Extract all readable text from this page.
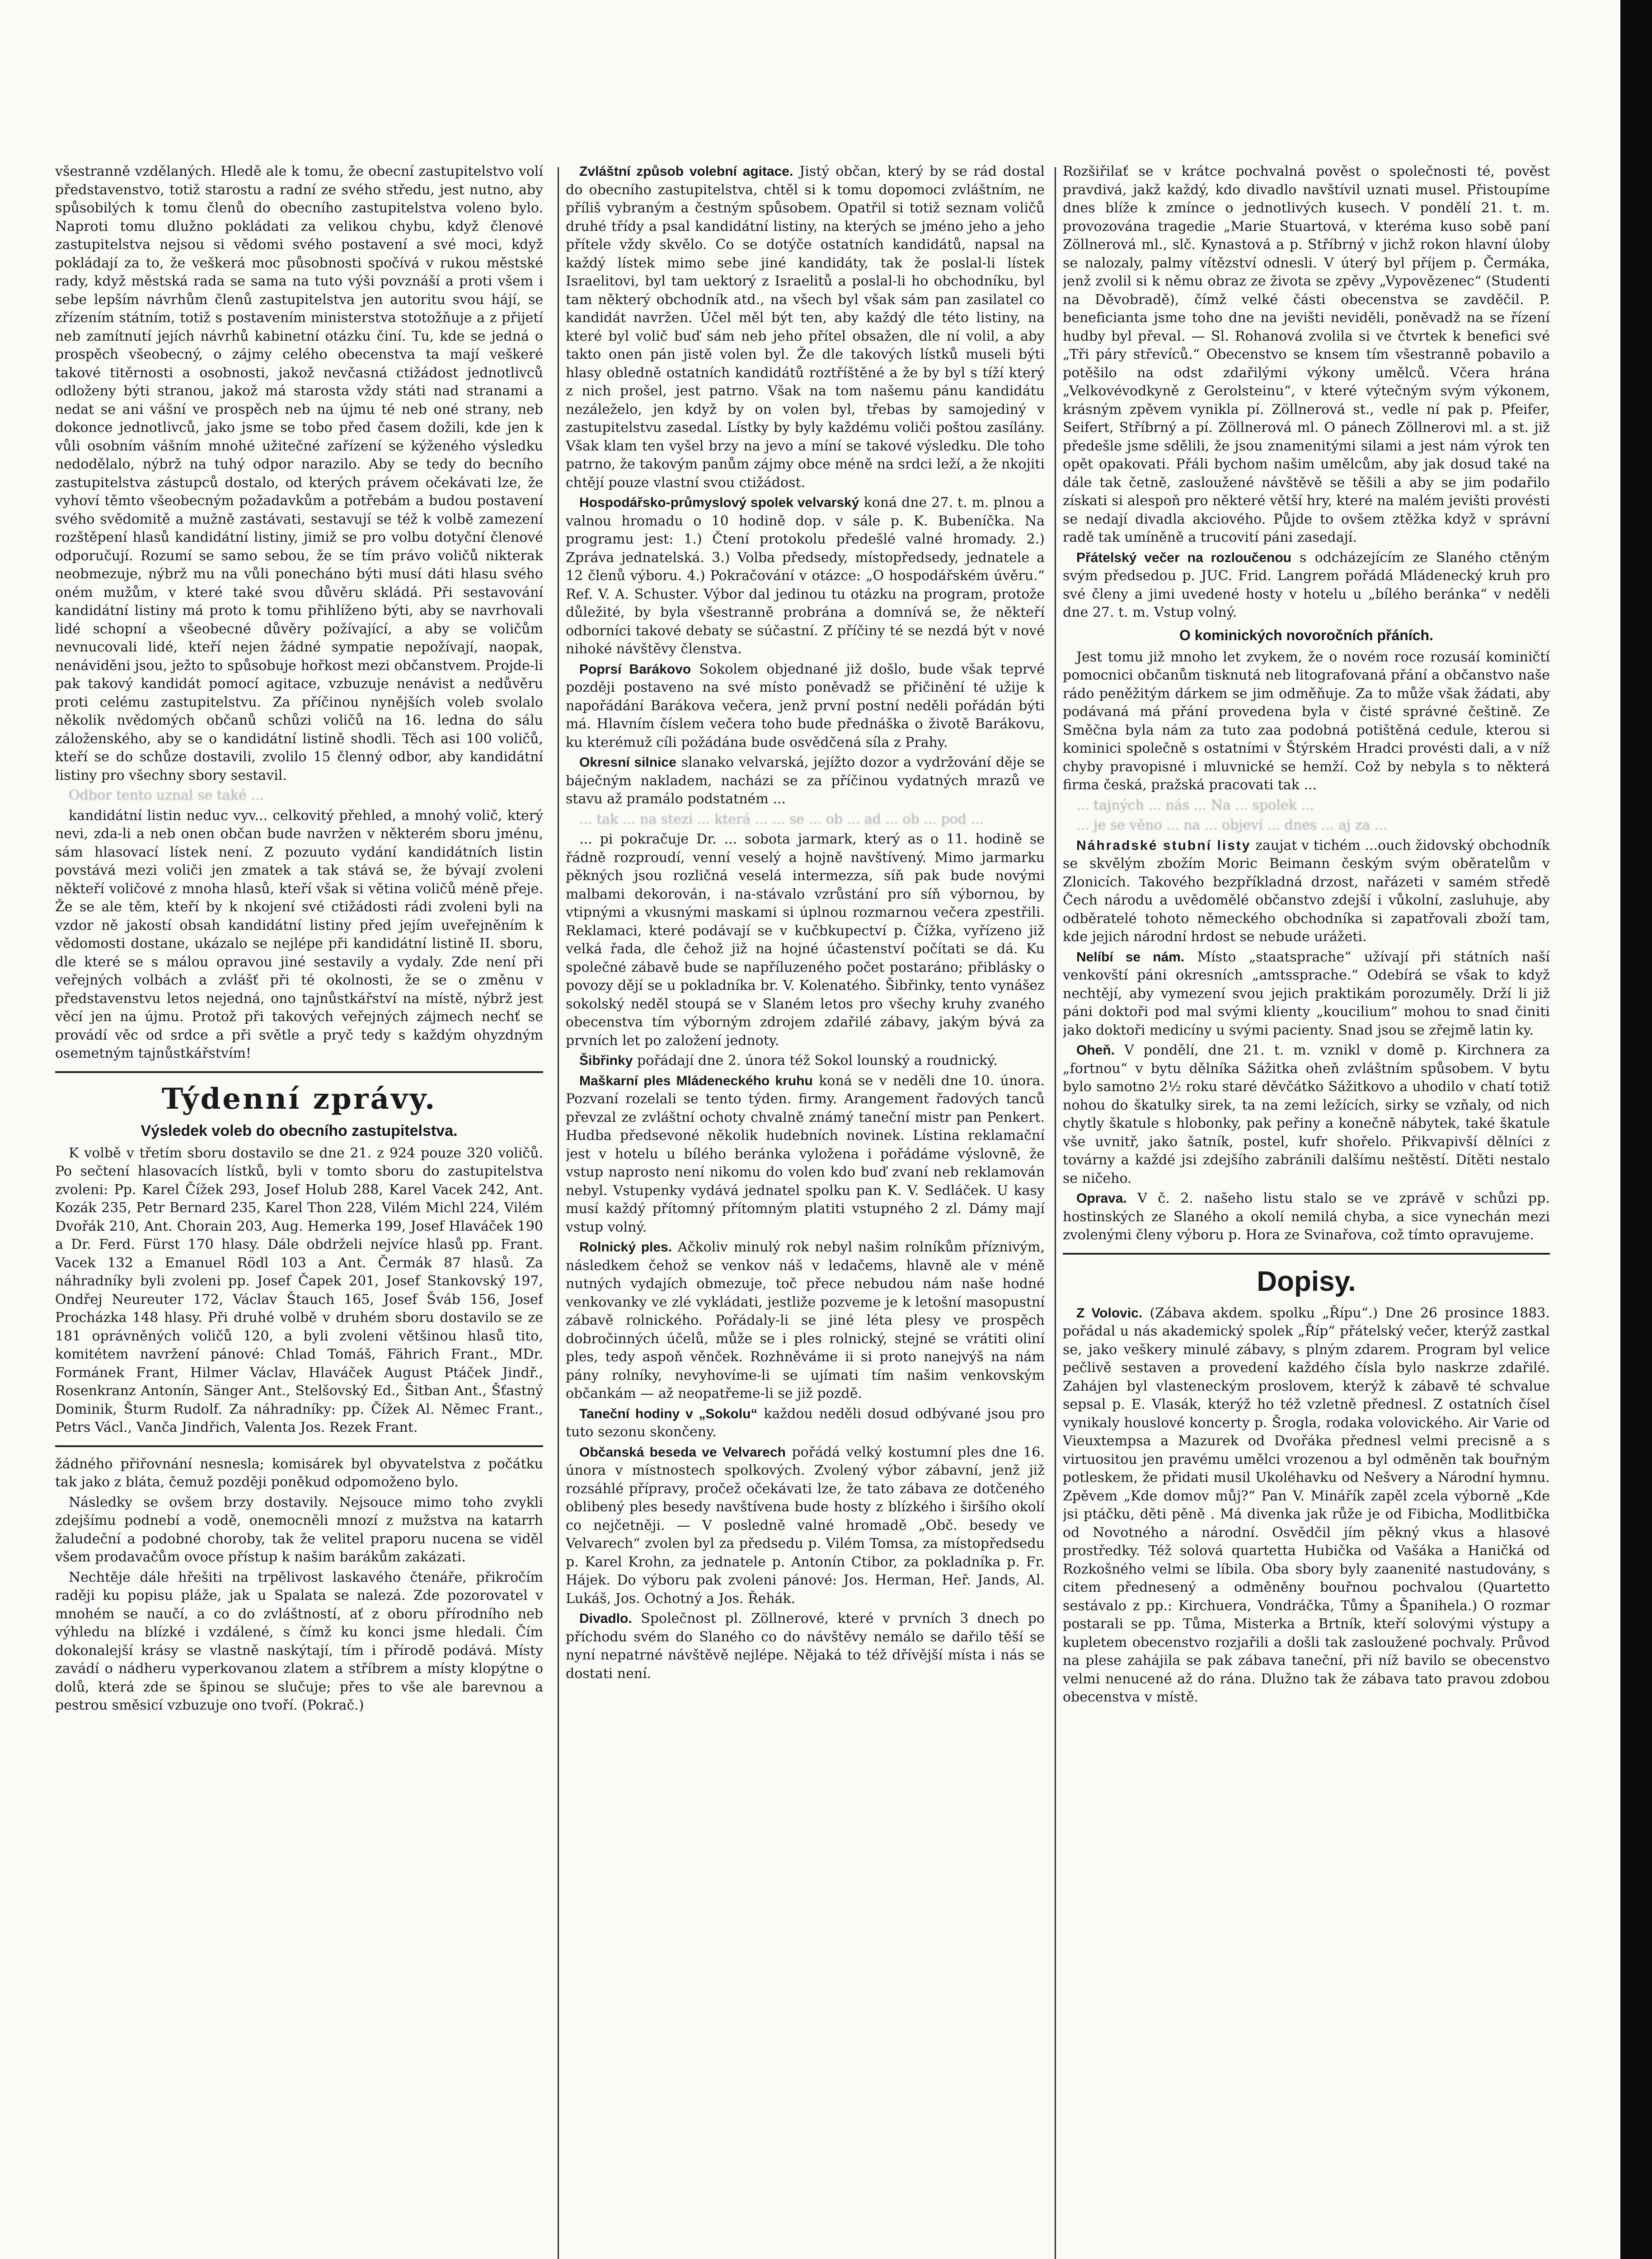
všestranně vzdělaných. Hledě ale k tomu, že obecní zastupitelstvo volí představenstvo, totiž starostu a radní ze svého středu, jest nutno, aby spůsobilých k tomu členů do obecního zastupitelstva voleno bylo. Naproti tomu dlužno pokládati za velikou chybu, když členové zastupitelstva nejsou si vědomi svého postavení a své moci, když pokládají za to, že veškerá moc působnosti spočívá v rukou městské rady, když městská rada se sama na tuto výši povznáší a proti všem i sebe lepším návrhům členů zastupitelstva jen autoritu svou hájí, se zřízením státním, totiž s postavením ministerstva stotožňuje a z přijetí neb zamítnutí jejích návrhů kabinetní otázku činí. Tu, kde se jedná o prospěch všeobecný, o zájmy celého obecenstva ta mají veškeré takové titěrnosti a osobnosti, jakož nevčasná ctižádost jednotlivců odloženy býti stranou, jakož má starosta vždy státi nad stranami a nedat se ani vášní ve prospěch neb na újmu té neb oné strany, neb dokonce jednotlivců, jako jsme se tobo před časem dožili, kde jen k vůli osobním vášním mnohé užitečné zařízení se kýženého výsledku nedodělalo, nýbrž na tuhý odpor narazilo. Aby se tedy do becního zastupitelstva zástupců dostalo, od kterých právem očekávati lze, že vyhoví těmto všeobecným požadavkům a potřebám a budou postavení svého svědomitě a mužně zastávati, sestavují se též k volbě zamezení rozštěpení hlasů kandidátní listiny, jimiž se pro volbu dotyční členové odporučují. Rozumí se samo sebou, že se tím právo voličů nikterak neobmezuje, nýbrž mu na vůli ponecháno býti musí dáti hlasu svého oném mužům, v které také svou důvěru skládá. Při sestavování kandidátní listiny má proto k tomu přihlíženo býti, aby se navrhovali lidé schopní a všeobecné důvěry požívající, a aby se voličům nevnucovali lidé, kteří nejen žádné sympatie nepožívají, naopak, nenáviděni jsou, ježto to spůsobuje hořkost mezi občanstvem. Projde-li pak takový kandidát pomocí agitace, vzbuzuje nenávist a nedůvěru proti celému zastupitelstvu. Za příčinou nynějších voleb svolalo několik nvědomých občanů schůzi voličů na 16. ledna do sálu záloženského, aby se o kandidátní listině shodli. Těch asi 100 voličů, kteří se do schůze dostavili, zvolilo 15 členný odbor, aby kandidátní listiny pro všechny sbory sestavil.

Odbor tento uznal se také ...

kandidátní listin neduc vyv... celkovitý přehled, a mnohý volič, který nevi, zda-li a neb onen občan bude navržen v některém sboru jménu, sám hlasovací lístek není. Z pozuuto vydání kandidátních listin povstává mezi voliči jen zmatek a tak stává se, že bývají zvoleni někteří voličové z mnoha hlasů, kteří však si větina voličů méně přeje. Že se ale těm, kteří by k nkojení své ctižádosti rádi zvoleni byli na vzdor ně jakostí obsah kandidátní listiny před jejím uveřejněním k vědomosti dostane, ukázalo se nejlépe při kandidátní listině II. sboru, dle které se s málou opravou jiné sestavily a vydaly. Zde není při veřejných volbách a zvlášť při té okolnosti, že se o změnu v představenstvu letos nejedná, ono tajnůstkářství na místě, nýbrž jest věcí jen na újmu. Protož při takových veřejných zájmech nechť se provádí věc od srdce a při světle a pryč tedy s každým ohyzdným osemetným tajnůstkářstvím!

Týdenní zprávy.
Výsledek voleb do obecního zastupitelstva.

K volbě v třetím sboru dostavilo se dne 21. z 924 pouze 320 voličů. Po sečtení hlasovacích lístků, byli v tomto sboru do zastupitelstva zvoleni: Pp. Karel Čížek 293, Josef Holub 288, Karel Vacek 242, Ant. Kozák 235, Petr Bernard 235, Karel Thon 228, Vilém Michl 224, Vilém Dvořák 210, Ant. Chorain 203, Aug. Hemerka 199, Josef Hlaváček 190 a Dr. Ferd. Fürst 170 hlasy. Dále obdrželi nejvíce hlasů pp. Frant. Vacek 132 a Emanuel Rödl 103 a Ant. Čermák 87 hlasů. Za náhradníky byli zvoleni pp. Josef Čapek 201, Josef Stankovský 197, Ondřej Neureuter 172, Václav Štauch 165, Josef Šváb 156, Josef Procházka 148 hlasy. Při druhé volbě v druhém sboru dostavilo se ze 181 oprávněných voličů 120, a byli zvoleni většinou hlasů tito, komitétem navržení pánové: Chlad Tomáš, Fährich Frant., MDr. Formánek Frant, Hilmer Václav, Hlaváček August Ptáček Jindř., Rosenkranz Antonín, Sänger Ant., Stelšovský Ed., Šitban Ant., Šťastný Dominik, Šturm Rudolf. Za náhradníky: pp. Čížek Al. Němec Frant., Petrs Václ., Vanča Jindřich, Valenta Jos. Rezek Frant.

žádného přiřovnání nesnesla; komisárek byl obyvatelstva z počátku tak jako z bláta, čemuž později poněkud odpomoženo bylo.

Následky se ovšem brzy dostavily. Nejsouce mimo toho zvykli zdejšímu podnebí a vodě, onemocněli mnozí z mužstva na katarrh žaludeční a podobné choroby, tak že velitel praporu nucena se viděl všem prodavačům ovoce přístup k našim barákům zakázati.

Nechtěje dále hřešiti na trpělivost laskavého čtenáře, přikročím raději ku popisu pláže, jak u Spalata se nalezá. Zde pozorovatel v mnohém se naučí, a co do zvláštností, ať z oboru přírodního neb výhledu na blízké i vzdálené, s čímž ku konci jsme hledali. Čím dokonalejší krásy se vlastně naskýtají, tím i přírodě podává. Místy zavádí o nádheru vyperkovanou zlatem a stříbrem a místy klopýtne o dolů, která zde se špinou se slučuje; přes to vše ale barevnou a pestrou směsicí vzbuzuje ono tvoří. (Pokrač.)

Zvláštní způsob volební agitace. Jistý občan, který by se rád dostal do obecního zastupitelstva, chtěl si k tomu dopomoci zvláštním, ne příliš vybraným a čestným spůsobem. Opatřil si totiž seznam voličů druhé třídy a psal kandidátní listiny, na kterých se jméno jeho a jeho přítele vždy skvělo. Co se dotýče ostatních kandidátů, napsal na každý lístek mimo sebe jiné kandidáty, tak že poslal-li lístek Israelitovi, byl tam uektorý z Israelitů a poslal-li ho obchodníku, byl tam některý obchodník atd., na všech byl však sám pan zasilatel co kandidát navržen. Účel měl být ten, aby každý dle této listiny, na které byl volič buď sám neb jeho přítel obsažen, dle ní volil, a aby takto onen pán jistě volen byl. Že dle takových lístků museli býti hlasy obledně ostatních kandidátů roztříštěné a že by byl s tíží který z nich prošel, jest patrno. Však na tom našemu pánu kandidátu nezáleželo, jen když by on volen byl, třebas by samojediný v zastupitelstvu zasedal. Lístky by byly každému voliči poštou zasílány. Však klam ten vyšel brzy na jevo a míní se takové výsledku. Dle toho patrno, že takovým panům zájmy obce méně na srdci leží, a že nkojiti chtějí pouze vlastní svou ctižádost.

Hospodářsko-průmyslový spolek velvarský koná dne 27. t. m. plnou a valnou hromadu o 10 hodině dop. v sále p. K. Bubeníčka. Na programu jest: 1.) Čtení protokolu předešlé valné hromady. 2.) Zpráva jednatelská. 3.) Volba předsedy, místopředsedy, jednatele a 12 členů výboru. 4.) Pokračování v otázce: „O hospodářském úvěru.“ Ref. V. A. Schuster. Výbor dal jedinou tu otázku na program, protože důležité, by byla všestranně probrána a domnívá se, že někteří odborníci takové debaty se súčastní. Z příčiny té se nezdá být v nové nihoké návštěvy členstva.

Poprsí Barákovo Sokolem objednané již došlo, bude však teprvé později postaveno na své místo poněvadž se přičinění té užije k napořádání Barákova večera, jenž první postní neděli pořádán býti má. Hlavním číslem večera toho bude přednáška o životě Barákovu, ku kterémuž cíli požádána bude osvědčená síla z Prahy.

Okresní silnice slanako velvarská, jejížto dozor a vydržování děje se báječným nakladem, nacházi se za příčinou vydatných mrazů ve stavu až pramálo podstatném ...

... tak ... na stezi ... která ... ... se ... ob ... ad ... ob ... pod ...

... pi pokračuje Dr. ... sobota jarmark, který as o 11. hodině se řádně rozproudí, venní veselý a hojně navštívený. Mimo jarmarku pěkných jsou rozličná veselá intermezza, síň pak bude novými malbami dekorován, i na-stávalo vzrůstání pro síň výbornou, by vtipnými a vkusnými maskami si úplnou rozmarnou večera zpestřili. Reklamaci, které podávají se v kučbkupectví p. Čížka, vyřízeno již velká řada, dle čehož již na hojné účastenství počítati se dá. Ku společné zábavě bude se napříluzeného počet postaráno; přiblásky o povozy dějí se u pokladníka br. V. Kolenatého. Šibřinky, tento vynášez sokolský neděl stoupá se v Slaném letos pro všechy kruhy zvaného obecenstva tím výborným zdrojem zdařilé zábavy, jakým bývá za prvních let po založení jednoty.

Šibřinky pořádají dne 2. února též Sokol lounský a roudnický.

Maškarní ples Mládeneckého kruhu koná se v neděli dne 10. února. Pozvaní rozelali se tento týden. firmy. Arangement řadových tanců převzal ze zvláštní ochoty chvalně známý taneční mistr pan Penkert. Hudba předsevoné několik hudebních novinek. Lístina reklamační jest v hotelu u bílého beránka vyložena i pořádáme výslovně, že vstup naprosto není nikomu do volen kdo buď zvaní neb reklamován nebyl. Vstupenky vydává jednatel spolku pan K. V. Sedláček. U kasy musí každý přítomný přítomným platiti vstupného 2 zl. Dámy mají vstup volný.

Rolnický ples. Ačkoliv minulý rok nebyl našim rolníkům příznivým, následkem čehož se venkov náš v ledačems, hlavně ale v méně nutných vydajích obmezuje, toč přece nebudou nám naše hodné venkovanky ve zlé vykládati, jestliže pozveme je k letošní masopustní zábavě rolnického. Pořádaly-li se jiné léta plesy ve prospěch dobročinných účelů, může se i ples rolnický, stejné se vrátiti oliní ples, tedy aspoň věnček. Rozhněváme ii si proto nanejvýš na nám pány rolníky, nevyhovíme-li se ujímati tím našim venkovským občankám — až neopatřeme-li se již pozdě.

Taneční hodiny v „Sokolu“ každou neděli dosud odbývané jsou pro tuto sezonu skončeny.

Občanská beseda ve Velvarech pořádá velký kostumní ples dne 16. února v místnostech spolkových. Zvolený výbor zábavní, jenž již rozsáhlé přípravy, pročež očekávati lze, že tato zábava ze dotčeného oblibený ples besedy navštívena bude hosty z blízkého i širšího okolí co nejčetněji. — V posledně valné hromadě „Obč. besedy ve Velvarech“ zvolen byl za předsedu p. Vilém Tomsa, za místopředsedu p. Karel Krohn, za jednatele p. Antonín Ctibor, za pokladníka p. Fr. Hájek. Do výboru pak zvoleni pánové: Jos. Herman, Heř. Jands, Al. Lukáš, Jos. Ochotný a Jos. Řehák.

Divadlo. Společnost pl. Zöllnerové, které v prvních 3 dnech po příchodu svém do Slaného co do návštěvy nemálo se dařilo těší se nyní nepatrné návštěvě nejlépe. Nějaká to též dřívější místa i nás se dostati není.

Rozšiřilať se v krátce pochvalná pověst o společnosti té, pověst pravdivá, jakž každý, kdo divadlo navštívil uznati musel. Přistoupíme dnes blíže k zmínce o jednotlivých kusech. V pondělí 21. t. m. provozována tragedie „Marie Stuartová, v kteréma kuso sobě paní Zöllnerová ml., slč. Kynastová a p. Stříbrný v jichž rokon hlavní úloby se nalozaly, palmy vítězství odnesli. V úterý byl příjem p. Čermáka, jenž zvolil si k němu obraz ze života se zpěvy „Vypovězenec“ (Studenti na Děvobradě), čímž velké části obecenstva se zavděčil. P. beneficianta jsme toho dne na jevišti neviděli, poněvadž na se řízení hudby byl převal. — Sl. Rohanová zvolila si ve čtvrtek k benefici své „Tři páry střevíců.“ Obecenstvo se knsem tím všestranně pobavilo a potěšilo na odst zdařilými výkony umělců. Včera hrána „Velkovévodkyně z Gerolsteinu“, v které výtečným svým výkonem, krásným zpěvem vynikla pí. Zöllnerová st., vedle ní pak p. Pfeifer, Seifert, Stříbrný a pí. Zöllnerová ml. O pánech Zöllnerovi ml. a st. již předešle jsme sdělili, že jsou znamenitými silami a jest nám výrok ten opět opakovati. Přáli bychom našim umělcům, aby jak dosud také na dále tak četně, zasloužené návštěvě se těšili a aby se jim podařilo získati si alespoň pro některé větší hry, které na malém jevišti provésti se nedají divadla akciového. Půjde to ovšem ztěžka když v správní radě tak umíněně a trucovití páni zasedají.

Přátelský večer na rozloučenou s odcházejícím ze Slaného ctěným svým předsedou p. JUC. Frid. Langrem pořádá Mládenecký kruh pro své členy a jimi uvedené hosty v hotelu u „bílého beránka“ v neděli dne 27. t. m. Vstup volný.

O kominických novoročních přáních.

Jest tomu již mnoho let zvykem, že o novém roce rozusáí kominičtí pomocnici občanům tisknutá neb litografovaná přání a občanstvo naše rádo peněžitým dárkem se jim odměňuje. Za to může však žádati, aby podávaná má přání provedena byla v čisté správné češtině. Ze Směčna byla nám za tuto zaa podobná potištěná cedule, kterou si kominici společně s ostatními v Štýrském Hradci provésti dali, a v níž chyby pravopisné i mluvnické se hemží. Což by nebyla s to některá firma česká, pražská pracovati tak ...

... tajných ... nás ... Na ... spolek ...

... je se věno ... na ... objeví ... dnes ... aj za ...

Náhradské stubní listy zaujat v tichém ...ouch židovský obchodník se skvělým zbožím Moric Beimann českým svým oběratelům v Zlonicích. Takového bezpříkladná drzost, nařázeti v samém středě Čech národu a uvědomělé občanstvo zdejší i vůkolní, zasluhuje, aby odběratelé tohoto německého obchodníka si zapatřovali zboží tam, kde jejich národní hrdost se nebude urážeti.

Nelíbí se nám. Místo „staatsprache“ užívají při státních naší venkovští páni okresních „amtssprache.“ Odebírá se však to když nechtějí, aby vymezení svou jejich praktikám porozuměly. Drží li již páni doktoři pod mal svými klienty „koucilium“ mohou to snad činiti jako doktoři medicíny u svými pacienty. Snad jsou se zřejmě latin ky.

Oheň. V pondělí, dne 21. t. m. vznikl v domě p. Kirchnera za „fortnou“ v bytu dělníka Sážitka oheň zvláštním spůsobem. V bytu bylo samotno 2½ roku staré děvčátko Sážitkovo a uhodilo v chatí totiž nohou do škatulky sirek, ta na zemi ležících, sirky se vzňaly, od nich chytly škatule s hlobonky, pak peřiny a konečně nábytek, také škatule vše uvnitř, jako šatník, postel, kufr shořelo. Přikvapivší dělníci z továrny a každé jsi zdejšího zabránili dalšímu neštěstí. Dítěti nestalo se ničeho.

Oprava. V č. 2. našeho listu stalo se ve zprávě v schůzi pp. hostinských ze Slaného a okolí nemilá chyba, a sice vynechán mezi zvolenými členy výboru p. Hora ze Svinařova, což tímto opravujeme.

Dopisy.

Z Volovic. (Zábava akdem. spolku „Řípu“.) Dne 26 prosince 1883. pořádal u nás akademický spolek „Říp“ přátelský večer, kterýž zastkal se, jako veškery minulé zábavy, s plným zdarem. Program byl velice pečlivě sestaven a provedení každého čísla bylo naskrze zdařilé. Zahájen byl vlasteneckým proslovem, kterýž k zábavě té schvalue sepsal p. E. Vlasák, kterýž ho též vzletně přednesl. Z ostatních čísel vynikaly houslové koncerty p. Šrogla, rodaka volovického. Air Varie od Vieuxtempsa a Mazurek od Dvořáka přednesl velmi precisně a s virtuositou jen pravému umělci vrozenou a byl odměněn tak bouřným potleskem, že přidati musil Ukoléhavku od Nešvery a Národní hymnu. Zpěvem „Kde domov můj?“ Pan V. Minářík zapěl zcela výborně „Kde jsi ptáčku, děti pěně . Má divenka jak růže je od Fibicha, Modlitbička od Novotného a národní. Osvědčil jím pěkný vkus a hlasové prostředky. Též solová quartetta Hubička od Vašáka a Haničká od Rozkošného velmi se líbila. Oba sbory byly zaanenité nastudovány, s citem přednesený a odměněny bouřnou pochvalou (Quartetto sestávalo z pp.: Kirchuera, Vondráčka, Tůmy a Španihela.) O rozmar postarali se pp. Tůma, Misterka a Brtník, kteří solovými výstupy a kupletem obecenstvo rozjařili a došli tak zasloužené pochvaly. Průvod na plese zahájila se pak zábava taneční, při níž bavilo se obecenstvo velmi nenucené až do rána. Dlužno tak že zábava tato pravou zdobou obecenstva v místě.
